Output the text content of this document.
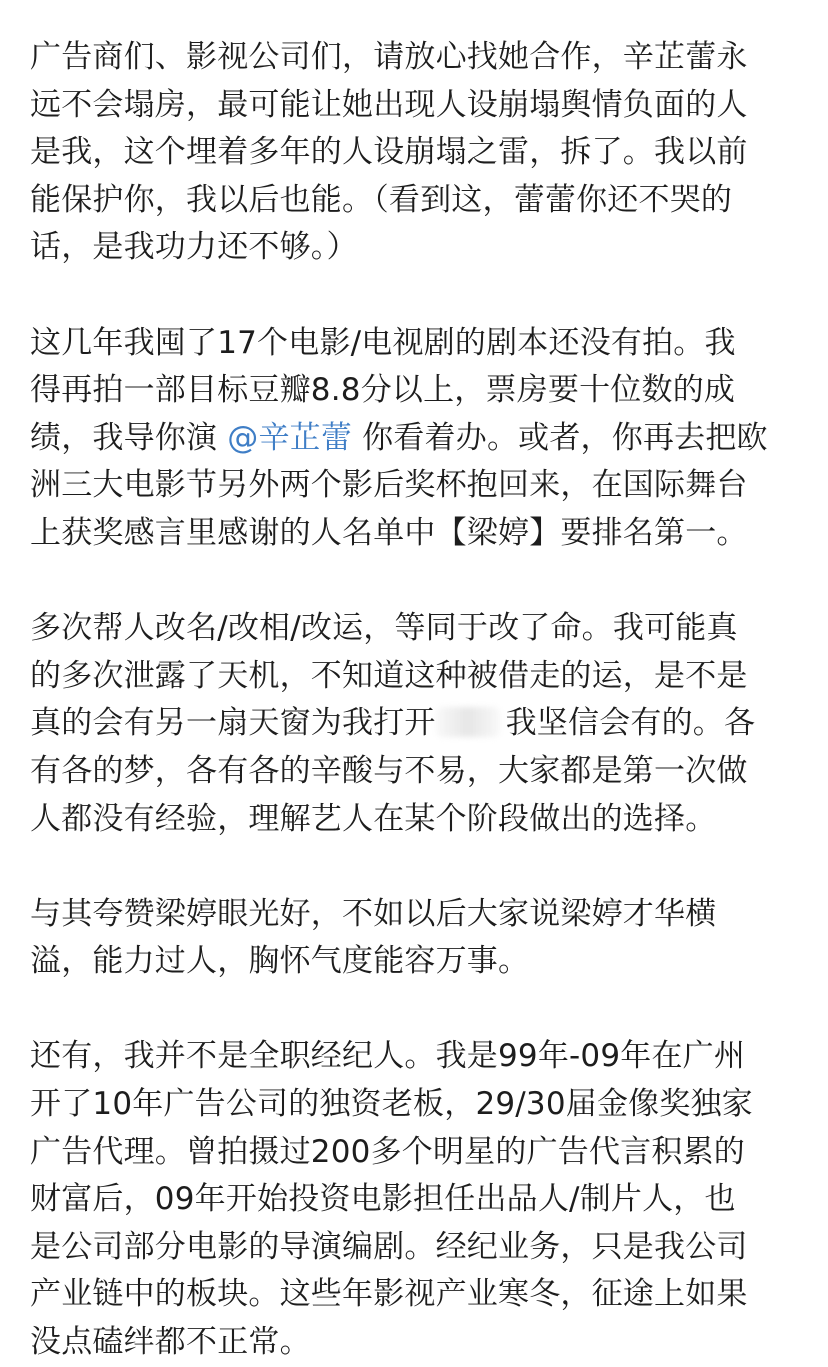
广告商们、影视公司们，请放心找她合作，辛芷蕾永
远不会塌房，最可能让她出现人设崩塌舆情负面的人
是我，这个埋着多年的人设崩塌之雷，拆了。我以前
能保护你，我以后也能。（看到这，蕾蕾你还不哭的
话，是我功力还不够。）

这几年我囤了17个电影/电视剧的剧本还没有拍。我
得再拍一部目标豆瓣8.8分以上，票房要十位数的成
绩，我导你演 @辛芷蕾 你看着办。或者，你再去把欧
洲三大电影节另外两个影后奖杯抱回来，在国际舞台
上获奖感言里感谢的人名单中【梁婷】要排名第一。

多次帮人改名/改相/改运，等同于改了命。我可能真
的多次泄露了天机，不知道这种被借走的运，是不是
真的会有另一扇天窗为我打开 我坚信会有的。各
有各的梦，各有各的辛酸与不易，大家都是第一次做
人都没有经验，理解艺人在某个阶段做出的选择。

与其夸赞梁婷眼光好，不如以后大家说梁婷才华横
溢，能力过人，胸怀气度能容万事。

还有，我并不是全职经纪人。我是99年-09年在广州
开了10年广告公司的独资老板，29/30届金像奖独家
广告代理。曾拍摄过200多个明星的广告代言积累的
财富后，09年开始投资电影担任出品人/制片人，也
是公司部分电影的导演编剧。经纪业务，只是我公司
产业链中的板块。这些年影视产业寒冬，征途上如果
没点磕绊都不正常。
